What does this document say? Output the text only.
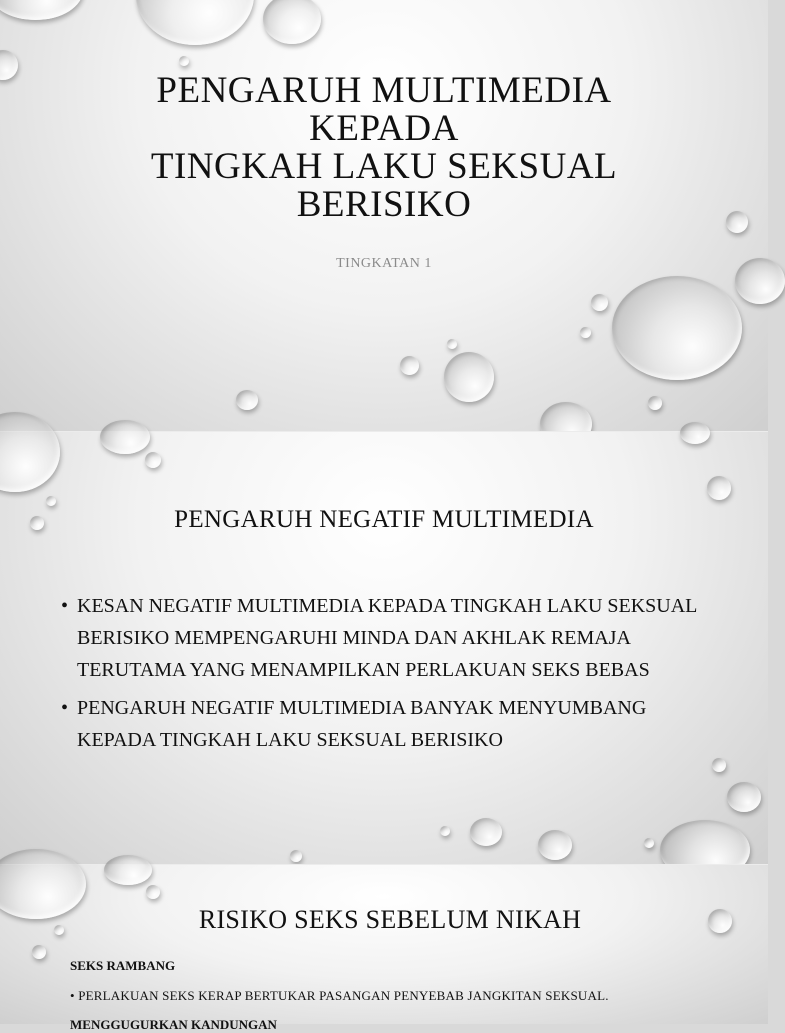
PENGARUH MULTIMEDIA
KEPADA
TINGKAH LAKU SEKSUAL
BERISIKO
TINGKATAN 1
PENGARUH NEGATIF MULTIMEDIA
• KESAN NEGATIF MULTIMEDIA KEPADA TINGKAH LAKU SEKSUAL BERISIKO MEMPENGARUHI MINDA DAN AKHLAK REMAJA TERUTAMA YANG MENAMPILKAN PERLAKUAN SEKS BEBAS
• PENGARUH NEGATIF MULTIMEDIA BANYAK MENYUMBANG KEPADA TINGKAH LAKU SEKSUAL BERISIKO
RISIKO SEKS SEBELUM NIKAH
SEKS RAMBANG
• PERLAKUAN SEKS KERAP BERTUKAR PASANGAN PENYEBAB JANGKITAN SEKSUAL.
MENGGUGURKAN KANDUNGAN
